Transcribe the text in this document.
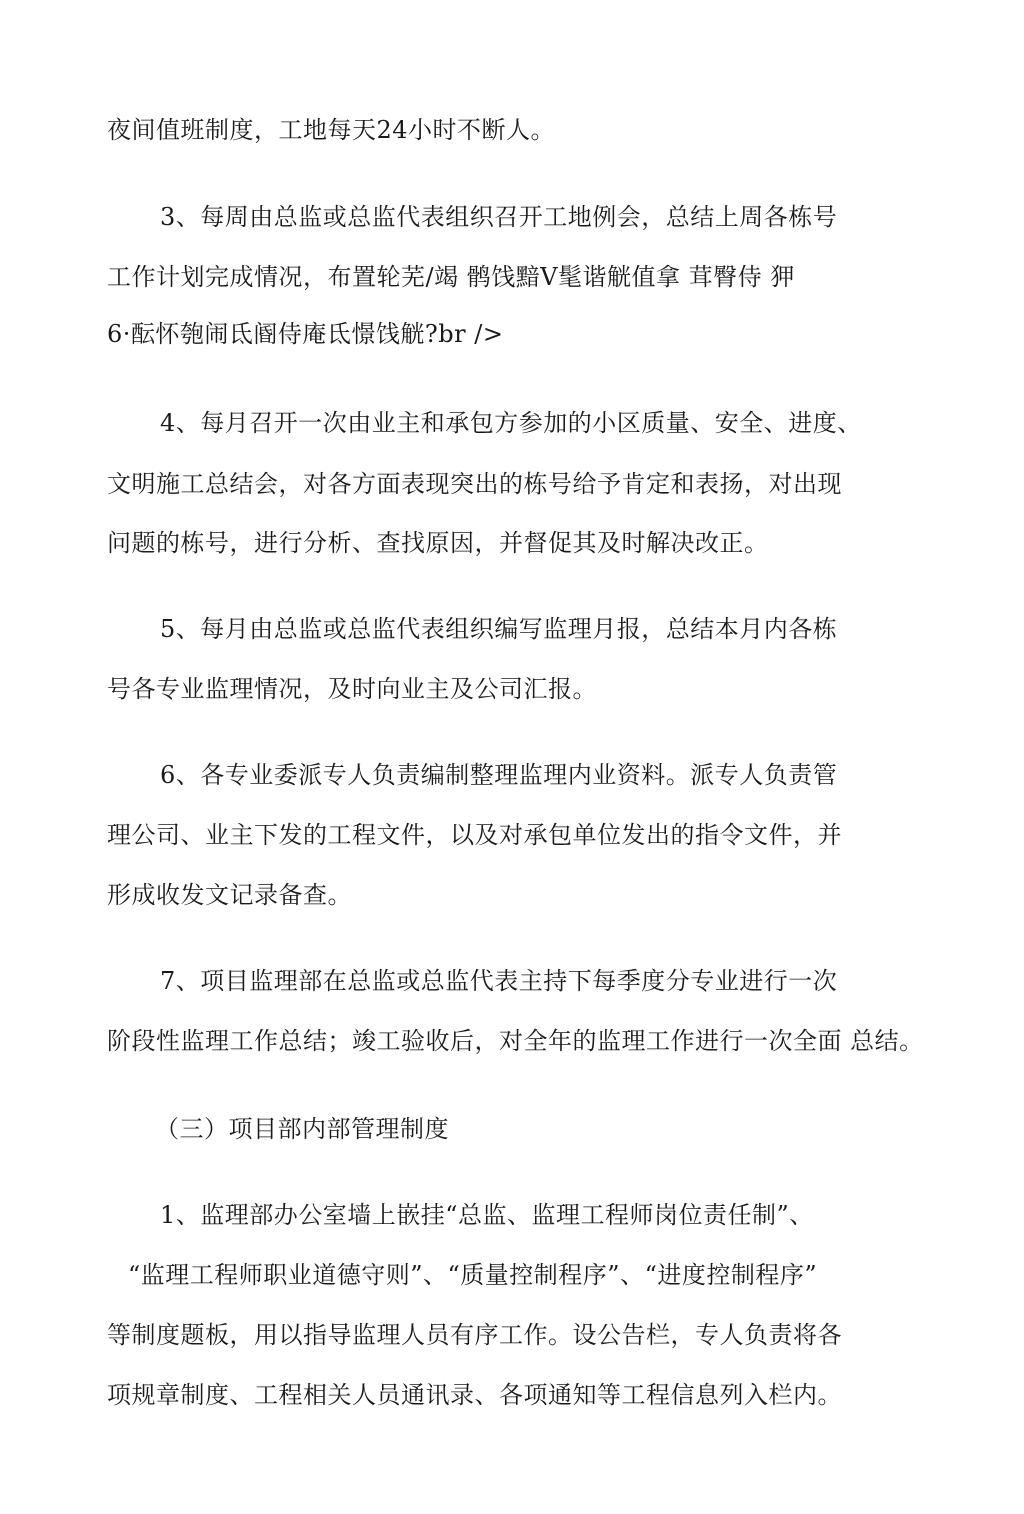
夜间值班制度，工地每天24小时不断人。
3、每周由总监或总监代表组织召开工地例会，总结上周各栋号
工作计划完成情况，布置轮芜/竭 鹘饯黯V髦谐觥值拿 茸臀侍 狎
6·酝怀匏闹氐阍侍庵氐憬饯觥?br />
4、每月召开一次由业主和承包方参加的小区质量、安全、进度、
文明施工总结会，对各方面表现突出的栋号给予肯定和表扬，对出现
问题的栋号，进行分析、查找原因，并督促其及时解决改正。
5、每月由总监或总监代表组织编写监理月报，总结本月内各栋
号各专业监理情况，及时向业主及公司汇报。
6、各专业委派专人负责编制整理监理内业资料。派专人负责管
理公司、业主下发的工程文件，以及对承包单位发出的指令文件，并
形成收发文记录备查。
7、项目监理部在总监或总监代表主持下每季度分专业进行一次
阶段性监理工作总结；竣工验收后，对全年的监理工作进行一次全面 总结。
（三）项目部内部管理制度
1、监理部办公室墙上嵌挂“总监、监理工程师岗位责任制”、
“监理工程师职业道德守则”、“质量控制程序”、“进度控制程序”
等制度题板，用以指导监理人员有序工作。设公告栏，专人负责将各
项规章制度、工程相关人员通讯录、各项通知等工程信息列入栏内。
